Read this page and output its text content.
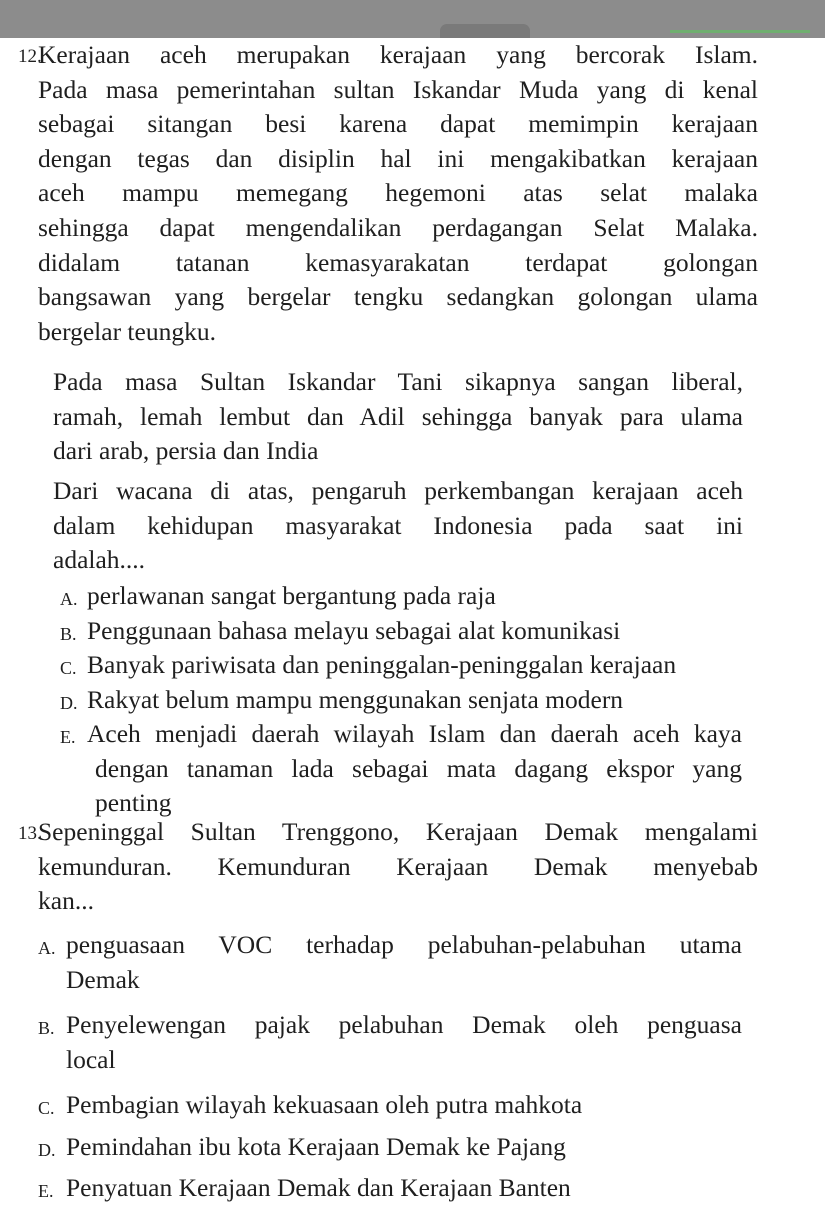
12.
Kerajaan aceh merupakan kerajaan yang bercorak Islam.
Pada masa pemerintahan sultan Iskandar Muda yang di kenal
sebagai sitangan besi karena dapat memimpin kerajaan
dengan tegas dan disiplin hal ini mengakibatkan kerajaan
aceh mampu memegang hegemoni atas selat malaka
sehingga dapat mengendalikan perdagangan Selat Malaka.
didalam tatanan kemasyarakatan terdapat golongan
bangsawan yang bergelar tengku sedangkan golongan ulama
bergelar teungku.
Pada masa Sultan Iskandar Tani sikapnya sangan liberal,
ramah, lemah lembut dan Adil sehingga banyak para ulama
dari arab, persia dan India
Dari wacana di atas, pengaruh perkembangan kerajaan aceh
dalam kehidupan masyarakat Indonesia pada saat ini
adalah....
A. perlawanan sangat bergantung pada raja
B. Penggunaan bahasa melayu sebagai alat komunikasi
C. Banyak pariwisata dan peninggalan-peninggalan kerajaan
D. Rakyat belum mampu menggunakan senjata modern
E. Aceh menjadi daerah wilayah Islam dan daerah aceh kaya
dengan tanaman lada sebagai mata dagang ekspor yang
penting
13.
Sepeninggal Sultan Trenggono, Kerajaan Demak mengalami
kemunduran. Kemunduran Kerajaan Demak menyebab
kan...
A. penguasaan VOC terhadap pelabuhan-pelabuhan utama
Demak
B. Penyelewengan pajak pelabuhan Demak oleh penguasa
local
C. Pembagian wilayah kekuasaan oleh putra mahkota
D. Pemindahan ibu kota Kerajaan Demak ke Pajang
E. Penyatuan Kerajaan Demak dan Kerajaan Banten
